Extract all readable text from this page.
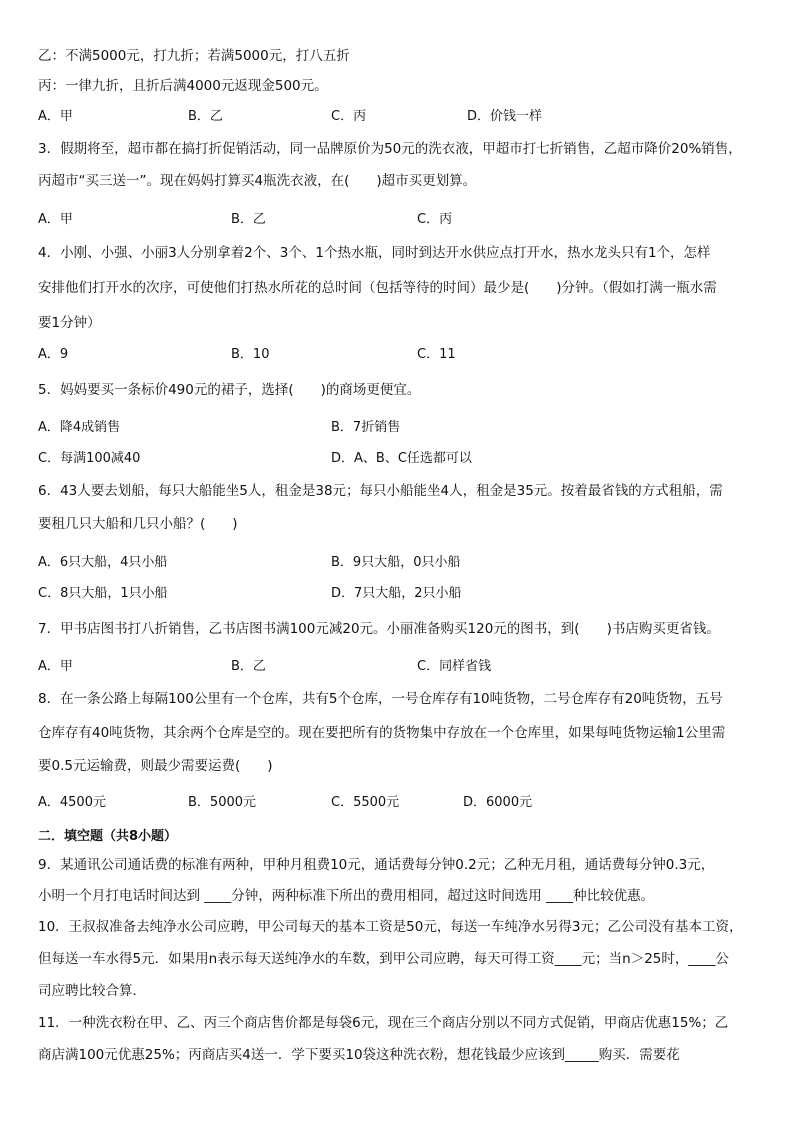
乙：不满5000元，打九折；若满5000元，打八五折
丙：一律九折，且折后满4000元返现金500元。
A．甲	B．乙	C．丙	D．价钱一样
3．假期将至，超市都在搞打折促销活动，同一品牌原价为50元的洗衣液，甲超市打七折销售，乙超市降价20%销售，
丙超市“买三送一”。现在妈妈打算买4瓶洗衣液，在(　　)超市买更划算。
A．甲	B．乙	C．丙
4．小刚、小强、小丽3人分别拿着2个、3个、1个热水瓶，同时到达开水供应点打开水，热水龙头只有1个，怎样
安排他们打开水的次序，可使他们打热水所花的总时间（包括等待的时间）最少是(　　)分钟。（假如打满一瓶水需
要1分钟）
A．9	B．10	C．11
5．妈妈要买一条标价490元的裙子，选择(　　)的商场更便宜。
A．降4成销售	B．7折销售
C．每满100减40	D．A、B、C任选都可以
6．43人要去划船，每只大船能坐5人，租金是38元；每只小船能坐4人，租金是35元。按着最省钱的方式租船，需
要租几只大船和几只小船？(　　)
A．6只大船，4只小船	B．9只大船，0只小船
C．8只大船，1只小船	D．7只大船，2只小船
7．甲书店图书打八折销售，乙书店图书满100元减20元。小丽准备购买120元的图书，到(　　)书店购买更省钱。
A．甲	B．乙	C．同样省钱
8．在一条公路上每隔100公里有一个仓库，共有5个仓库，一号仓库存有10吨货物，二号仓库存有20吨货物，五号
仓库存有40吨货物，其余两个仓库是空的。现在要把所有的货物集中存放在一个仓库里，如果每吨货物运输1公里需
要0.5元运输费，则最少需要运费(　　)
A．4500元	B．5000元	C．5500元	D．6000元
二．填空题（共8小题）
9．某通讯公司通话费的标准有两种，甲种月租费10元，通话费每分钟0.2元；乙种无月租，通话费每分钟0.3元，
小明一个月打电话时间达到 ____分钟，两种标准下所出的费用相同，超过这时间选用 ____种比较优惠。
10．王叔叔准备去纯净水公司应聘，甲公司每天的基本工资是50元，每送一车纯净水另得3元；乙公司没有基本工资，
但每送一车水得5元．如果用n表示每天送纯净水的车数，到甲公司应聘，每天可得工资____元；当n＞25时，____公
司应聘比较合算．
11．一种洗衣粉在甲、乙、丙三个商店售价都是每袋6元，现在三个商店分别以不同方式促销，甲商店优惠15%；乙
商店满100元优惠25%；丙商店买4送一．学下要买10袋这种洗衣粉，想花钱最少应该到_____购买．需要花
